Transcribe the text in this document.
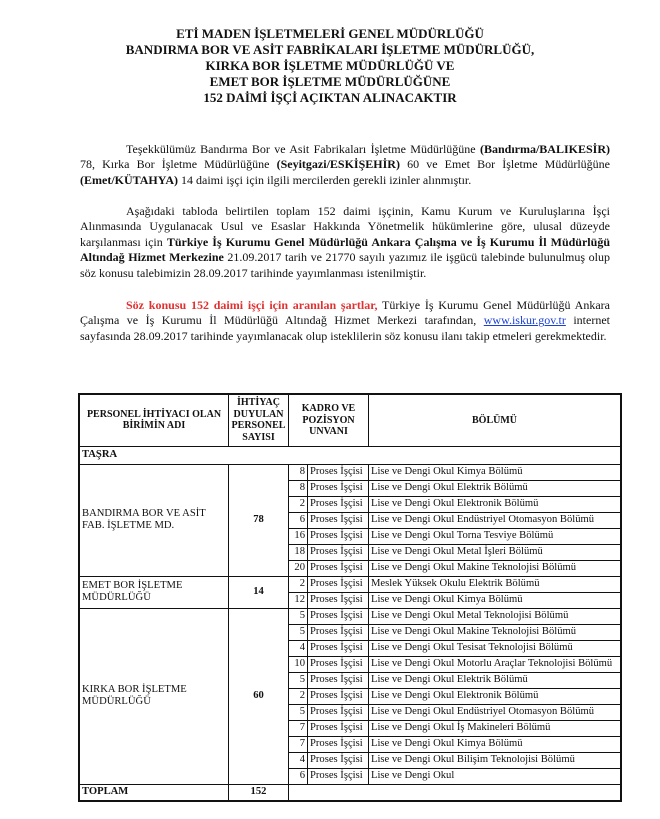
ETİ MADEN İŞLETMELERİ GENEL MÜDÜRLÜĞÜ
BANDIRMA BOR VE ASİT FABRİKALARI İŞLETME MÜDÜRLÜĞÜ,
KIRKA BOR İŞLETME MÜDÜRLÜĞÜ VE
EMET BOR İŞLETME MÜDÜRLÜĞÜNE
152 DAİMİ İŞÇİ AÇIKTAN ALINACAKTIR
Teşekkülümüz Bandırma Bor ve Asit Fabrikaları İşletme Müdürlüğüne (Bandırma/BALIKESİR) 78, Kırka Bor İşletme Müdürlüğüne (Seyitgazi/ESKİŞEHİR) 60 ve Emet Bor İşletme Müdürlüğüne (Emet/KÜTAHYA) 14 daimi işçi için ilgili mercilerden gerekli izinler alınmıştır.
Aşağıdaki tabloda belirtilen toplam 152 daimi işçinin, Kamu Kurum ve Kuruluşlarına İşçi Alınmasında Uygulanacak Usul ve Esaslar Hakkında Yönetmelik hükümlerine göre, ulusal düzeyde karşılanması için Türkiye İş Kurumu Genel Müdürlüğü Ankara Çalışma ve İş Kurumu İl Müdürlüğü Altındağ Hizmet Merkezine 21.09.2017 tarih ve 21770 sayılı yazımız ile işgücü talebinde bulunulmuş olup söz konusu talebimizin 28.09.2017 tarihinde yayımlanması istenilmiştir.
Söz konusu 152 daimi işçi için aranılan şartlar, Türkiye İş Kurumu Genel Müdürlüğü Ankara Çalışma ve İş Kurumu İl Müdürlüğü Altındağ Hizmet Merkezi tarafından, www.iskur.gov.tr internet sayfasında 28.09.2017 tarihinde yayımlanacak olup isteklilerin söz konusu ilanı takip etmeleri gerekmektedir.
PERSONEL İHTİYACI OLAN BİRİMİN ADI	İHTİYAÇ DUYULAN PERSONEL SAYISI	KADRO VE POZİSYON UNVANI		BÖLÜMÜ
TAŞRA				
BANDIRMA BOR VE ASİT FAB. İŞLETME MD.	78	8	Proses İşçisi	Lise ve Dengi Okul Kimya Bölümü
		8	Proses İşçisi	Lise ve Dengi Okul Elektrik Bölümü
		2	Proses İşçisi	Lise ve Dengi Okul Elektronik Bölümü
		6	Proses İşçisi	Lise ve Dengi Okul Endüstriyel Otomasyon Bölümü
		16	Proses İşçisi	Lise ve Dengi Okul Torna Tesviye Bölümü
		18	Proses İşçisi	Lise ve Dengi Okul Metal İşleri Bölümü
		20	Proses İşçisi	Lise ve Dengi Okul Makine Teknolojisi Bölümü
EMET BOR İŞLETME MÜDÜRLÜĞÜ	14	2	Proses İşçisi	Meslek Yüksek Okulu Elektrik Bölümü
		12	Proses İşçisi	Lise ve Dengi Okul Kimya Bölümü
KIRKA BOR İŞLETME MÜDÜRLÜĞÜ	60	5	Proses İşçisi	Lise ve Dengi Okul Metal Teknolojisi Bölümü
		5	Proses İşçisi	Lise ve Dengi Okul Makine Teknolojisi Bölümü
		4	Proses İşçisi	Lise ve Dengi Okul Tesisat Teknolojisi Bölümü
		10	Proses İşçisi	Lise ve Dengi Okul Motorlu Araçlar Teknolojisi Bölümü
		5	Proses İşçisi	Lise ve Dengi Okul Elektrik Bölümü
		2	Proses İşçisi	Lise ve Dengi Okul Elektronik Bölümü
		5	Proses İşçisi	Lise ve Dengi Okul Endüstriyel Otomasyon Bölümü
		7	Proses İşçisi	Lise ve Dengi Okul İş Makineleri Bölümü
		7	Proses İşçisi	Lise ve Dengi Okul Kimya Bölümü
		4	Proses İşçisi	Lise ve Dengi Okul Bilişim Teknolojisi Bölümü
		6	Proses İşçisi	Lise ve Dengi Okul
TOPLAM	152			
